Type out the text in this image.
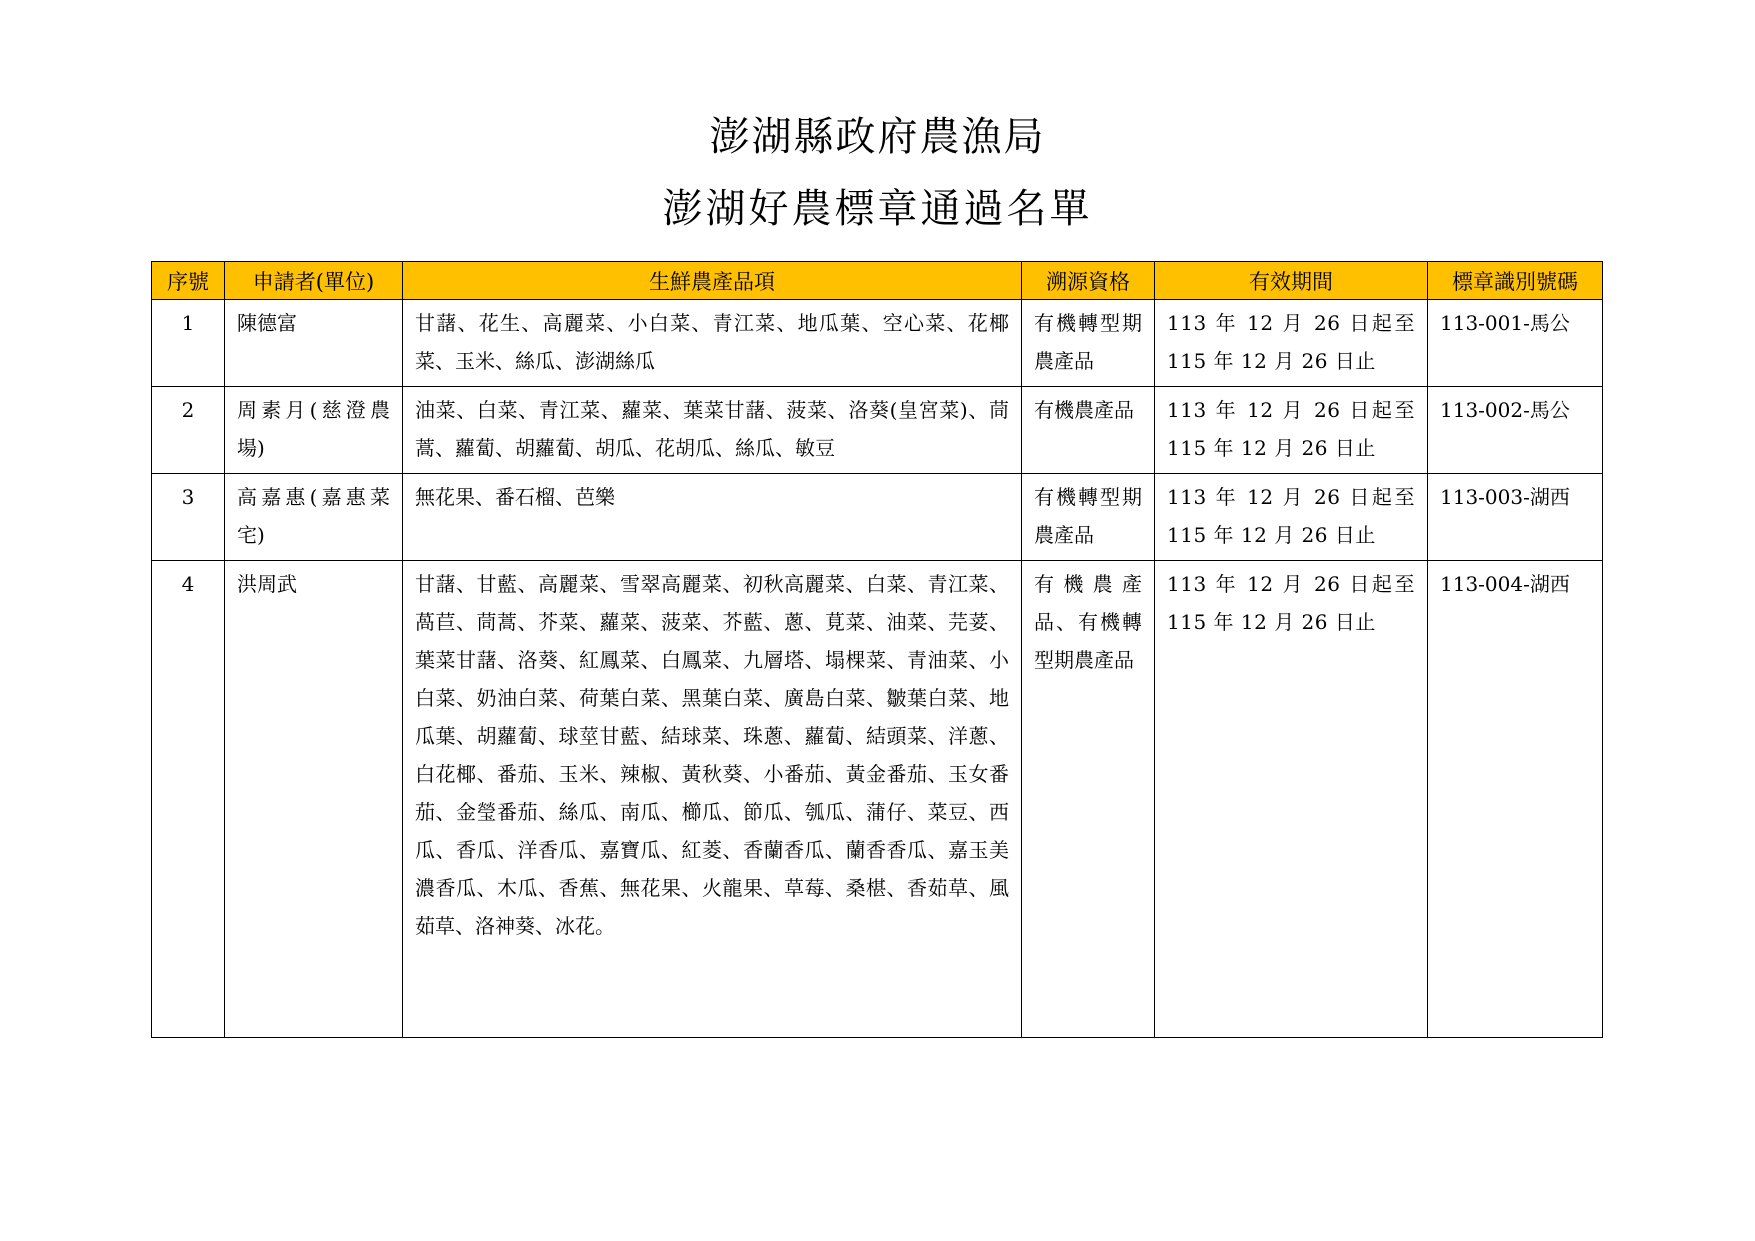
澎湖縣政府農漁局
澎湖好農標章通過名單
序號	申請者(單位)	生鮮農產品項	溯源資格	有效期間	標章識別號碼
1	陳德富	甘藷、花生、高麗菜、小白菜、青江菜、地瓜葉、空心菜、花椰菜、玉米、絲瓜、澎湖絲瓜	有機轉型期農產品	113 年 12 月 26 日起至 115 年 12 月 26 日止	113-001-馬公
2	周素月(慈澄農場)	油菜、白菜、青江菜、蘿菜、葉菜甘藷、菠菜、洛葵(皇宮菜)、茼蒿、蘿蔔、胡蘿蔔、胡瓜、花胡瓜、絲瓜、敏豆	有機農產品	113 年 12 月 26 日起至 115 年 12 月 26 日止	113-002-馬公
3	高嘉惠(嘉惠菜宅)	無花果、番石榴、芭樂	有機轉型期農產品	113 年 12 月 26 日起至 115 年 12 月 26 日止	113-003-湖西
4	洪周武	甘藷、甘藍、高麗菜、雪翠高麗菜、初秋高麗菜、白菜、青江菜、萵苣、茼蒿、芥菜、蘿菜、菠菜、芥藍、蔥、莧菜、油菜、芫荽、葉菜甘藷、洛葵、紅鳳菜、白鳳菜、九層塔、塌棵菜、青油菜、小白菜、奶油白菜、荷葉白菜、黑葉白菜、廣島白菜、皺葉白菜、地瓜葉、胡蘿蔔、球莖甘藍、結球菜、珠蔥、蘿蔔、結頭菜、洋蔥、白花椰、番茄、玉米、辣椒、黃秋葵、小番茄、黃金番茄、玉女番茄、金瑩番茄、絲瓜、南瓜、櫛瓜、節瓜、瓠瓜、蒲仔、菜豆、西瓜、香瓜、洋香瓜、嘉寶瓜、紅菱、香蘭香瓜、蘭香香瓜、嘉玉美濃香瓜、木瓜、香蕉、無花果、火龍果、草莓、桑椹、香茹草、風茹草、洛神葵、冰花。	有機農產品、有機轉型期農產品	113 年 12 月 26 日起至 115 年 12 月 26 日止	113-004-湖西
